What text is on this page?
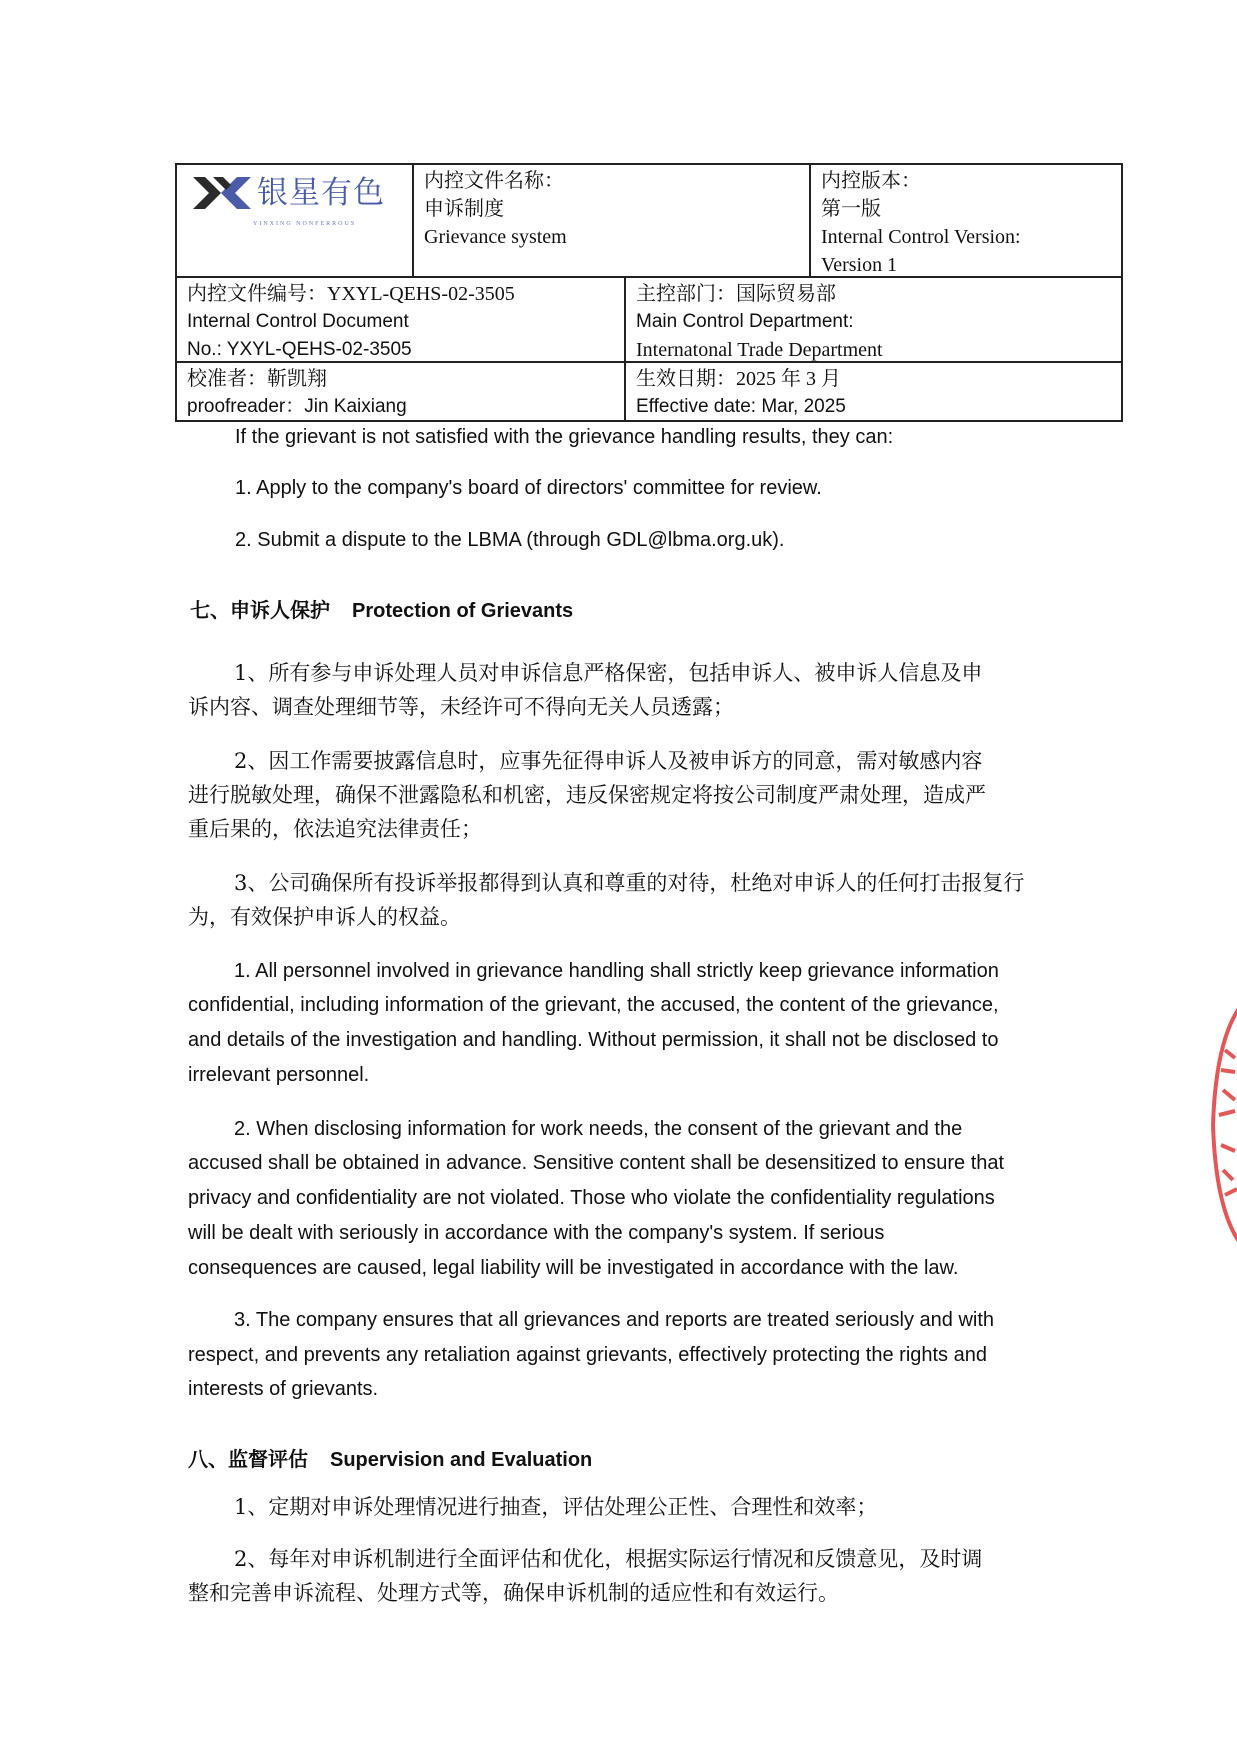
银星有色
YINXING NONFERROUS
内控文件名称：
申诉制度
Grievance system
内控版本：
第一版
Internal Control Version:
Version 1
内控文件编号：YXYL-QEHS-02-3505
Internal Control Document
No.: YXYL-QEHS-02-3505
主控部门：国际贸易部
Main Control Department:
Internatonal Trade Department
校准者：靳凯翔
proofreader：Jin Kaixiang
生效日期：2025 年 3 月
Effective date: Mar, 2025
If the grievant is not satisfied with the grievance handling results, they can:
1. Apply to the company's board of directors' committee for review.
2. Submit a dispute to the LBMA (through GDL@lbma.org.uk).
七、申诉人保护 Protection of Grievants
1、所有参与申诉处理人员对申诉信息严格保密，包括申诉人、被申诉人信息及申
诉内容、调查处理细节等，未经许可不得向无关人员透露；
2、因工作需要披露信息时，应事先征得申诉人及被申诉方的同意，需对敏感内容
进行脱敏处理，确保不泄露隐私和机密，违反保密规定将按公司制度严肃处理，造成严
重后果的，依法追究法律责任；
3、公司确保所有投诉举报都得到认真和尊重的对待，杜绝对申诉人的任何打击报复行
为，有效保护申诉人的权益。
1. All personnel involved in grievance handling shall strictly keep grievance information
confidential, including information of the grievant, the accused, the content of the grievance,
and details of the investigation and handling. Without permission, it shall not be disclosed to
irrelevant personnel.
2. When disclosing information for work needs, the consent of the grievant and the
accused shall be obtained in advance. Sensitive content shall be desensitized to ensure that
privacy and confidentiality are not violated. Those who violate the confidentiality regulations
will be dealt with seriously in accordance with the company's system. If serious
consequences are caused, legal liability will be investigated in accordance with the law.
3. The company ensures that all grievances and reports are treated seriously and with
respect, and prevents any retaliation against grievants, effectively protecting the rights and
interests of grievants.
八、监督评估 Supervision and Evaluation
1、定期对申诉处理情况进行抽查，评估处理公正性、合理性和效率；
2、每年对申诉机制进行全面评估和优化，根据实际运行情况和反馈意见，及时调
整和完善申诉流程、处理方式等，确保申诉机制的适应性和有效运行。
